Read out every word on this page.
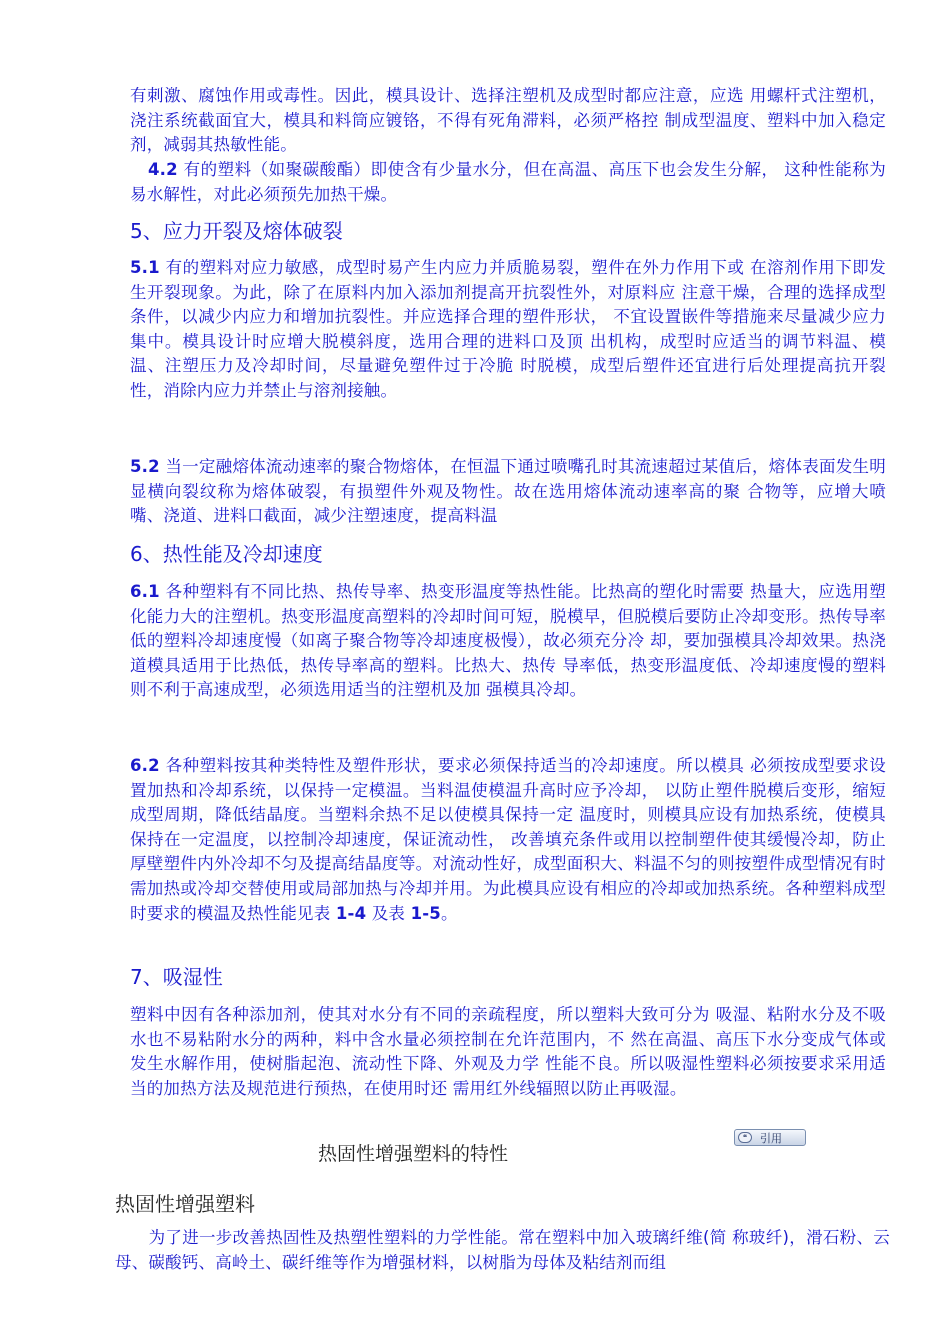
有刺激、腐蚀作用或毒性。因此，模具设计、选择注塑机及成型时都应注意，应选 用螺杆式注塑机，浇注系统截面宜大，模具和料筒应镀铬，不得有死角滞料，必须严格控 制成型温度、塑料中加入稳定剂，减弱其热敏性能。
4.2 有的塑料（如聚碳酸酯）即使含有少量水分，但在高温、高压下也会发生分解， 这种性能称为易水解性，对此必须预先加热干燥。
5、应力开裂及熔体破裂
5.1 有的塑料对应力敏感，成型时易产生内应力并质脆易裂，塑件在外力作用下或 在溶剂作用下即发生开裂现象。为此，除了在原料内加入添加剂提高开抗裂性外，对原料应 注意干燥，合理的选择成型条件，以减少内应力和增加抗裂性。并应选择合理的塑件形状， 不宜设置嵌件等措施来尽量减少应力集中。模具设计时应增大脱模斜度，选用合理的进料口及顶 出机构，成型时应适当的调节料温、模温、注塑压力及冷却时间，尽量避免塑件过于冷脆 时脱模，成型后塑件还宜进行后处理提高抗开裂性，消除内应力并禁止与溶剂接触。
5.2 当一定融熔体流动速率的聚合物熔体，在恒温下通过喷嘴孔时其流速超过某值后，熔体表面发生明显横向裂纹称为熔体破裂，有损塑件外观及物性。故在选用熔体流动速率高的聚 合物等，应增大喷嘴、浇道、进料口截面，减少注塑速度，提高料温
6、热性能及冷却速度
6.1 各种塑料有不同比热、热传导率、热变形温度等热性能。比热高的塑化时需要 热量大，应选用塑化能力大的注塑机。热变形温度高塑料的冷却时间可短，脱模早，但脱模后要防止冷却变形。热传导率低的塑料冷却速度慢（如离子聚合物等冷却速度极慢），故必须充分冷 却，要加强模具冷却效果。热浇道模具适用于比热低，热传导率高的塑料。比热大、热传 导率低，热变形温度低、冷却速度慢的塑料则不利于高速成型，必须选用适当的注塑机及加 强模具冷却。
6.2 各种塑料按其种类特性及塑件形状，要求必须保持适当的冷却速度。所以模具 必须按成型要求设置加热和冷却系统，以保持一定模温。当料温使模温升高时应予冷却， 以防止塑件脱模后变形，缩短成型周期，降低结晶度。当塑料余热不足以使模具保持一定 温度时，则模具应设有加热系统，使模具保持在一定温度，以控制冷却速度，保证流动性， 改善填充条件或用以控制塑件使其缓慢冷却，防止厚壁塑件内外冷却不匀及提高结晶度等。对流动性好，成型面积大、料温不匀的则按塑件成型情况有时需加热或冷却交替使用或局部加热与冷却并用。为此模具应设有相应的冷却或加热系统。各种塑料成型时要求的模温及热性能见表 1-4 及表 1-5。
7、吸湿性
塑料中因有各种添加剂，使其对水分有不同的亲疏程度，所以塑料大致可分为 吸湿、粘附水分及不吸水也不易粘附水分的两种，料中含水量必须控制在允许范围内，不 然在高温、高压下水分变成气体或发生水解作用，使树脂起泡、流动性下降、外观及力学 性能不良。所以吸湿性塑料必须按要求采用适当的加热方法及规范进行预热，在使用时还 需用红外线辐照以防止再吸湿。
热固性增强塑料的特性
❝	引用
热固性增强塑料
　　为了进一步改善热固性及热塑性塑料的力学性能。常在塑料中加入玻璃纤维(简 称玻纤)，滑石粉、云母、碳酸钙、高岭土、碳纤维等作为增强材料，以树脂为母体及粘结剂而组
